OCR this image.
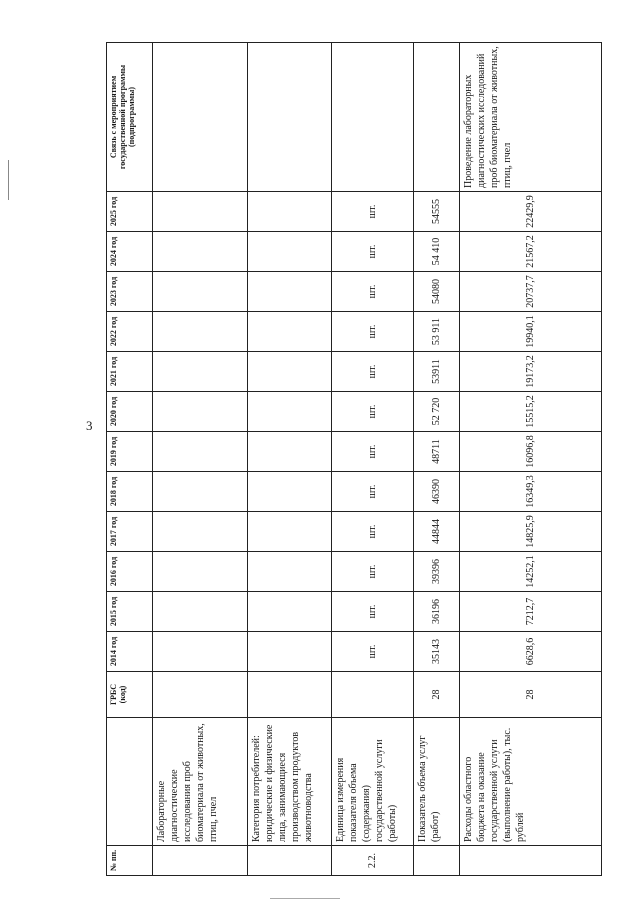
3
№ пп.		ГРБС (код)	2014 год	2015 год	2016 год	2017 год	2018 год	2019 год	2020 год	2021 год	2022 год	2023 год	2024 год	2025 год	Связь с мероприятием государственной программы (подпрограммы)
	Лабораторные диагностические исследования проб биоматериала от животных, птиц, пчел														
	Категория потребителей: юридические и физические лица, занимающиеся производством продуктов животноводства														
2.2.	Единица измерения показателя объема (содержания) государственной услуги (работы)		шт.	шт.	шт.	шт.	шт.	шт.	шт.	шт.	шт.	шт.	шт.	шт.	
	Показатель объема услуг (работ)	28	35143	36196	39396	44844	46390	48711	52 720	53911	53 911	54080	54 410	54555	
	Расходы областного бюджета на оказание государственной услуги (выполнение работы), тыс. рублей	28	6628,6	7212,7	14252,1	14825,9	16349,3	16096,8	15515,2	19173,2	19940,1	20737,7	21567,2	22429,9	Проведение лабораторных диагностических исследований проб биоматериала от животных, птиц, пчел
